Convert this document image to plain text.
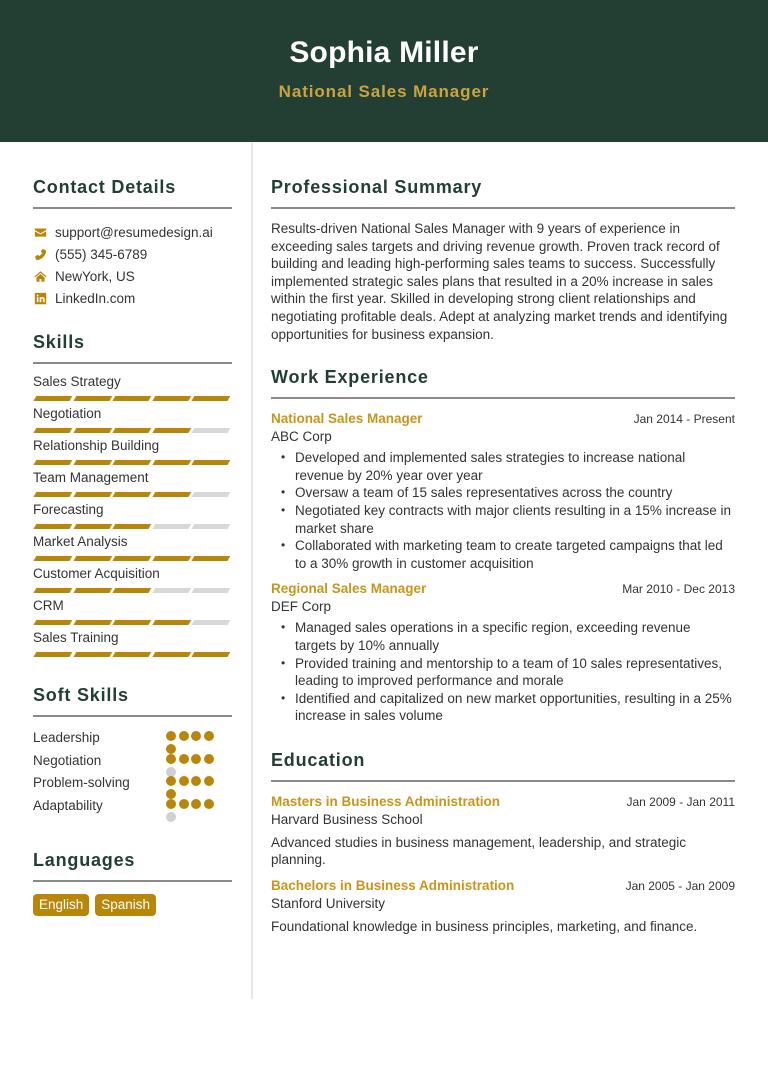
Sophia Miller
National Sales Manager
Contact Details
support@resumedesign.ai
(555) 345-6789
NewYork, US
LinkedIn.com
Skills
Sales Strategy
Negotiation
Relationship Building
Team Management
Forecasting
Market Analysis
Customer Acquisition
CRM
Sales Training
Soft Skills
Leadership
Negotiation
Problem-solving
Adaptability
Languages
English	Spanish
Professional Summary
Results-driven National Sales Manager with 9 years of experience in exceeding sales targets and driving revenue growth. Proven track record of building and leading high-performing sales teams to success. Successfully implemented strategic sales plans that resulted in a 20% increase in sales within the first year. Skilled in developing strong client relationships and negotiating profitable deals. Adept at analyzing market trends and identifying opportunities for business expansion.
Work Experience
National Sales Manager	Jan 2014 - Present
ABC Corp
• Developed and implemented sales strategies to increase national revenue by 20% year over year
• Oversaw a team of 15 sales representatives across the country
• Negotiated key contracts with major clients resulting in a 15% increase in market share
• Collaborated with marketing team to create targeted campaigns that led to a 30% growth in customer acquisition
Regional Sales Manager	Mar 2010 - Dec 2013
DEF Corp
• Managed sales operations in a specific region, exceeding revenue targets by 10% annually
• Provided training and mentorship to a team of 10 sales representatives, leading to improved performance and morale
• Identified and capitalized on new market opportunities, resulting in a 25% increase in sales volume
Education
Masters in Business Administration	Jan 2009 - Jan 2011
Harvard Business School
Advanced studies in business management, leadership, and strategic planning.
Bachelors in Business Administration	Jan 2005 - Jan 2009
Stanford University
Foundational knowledge in business principles, marketing, and finance.
